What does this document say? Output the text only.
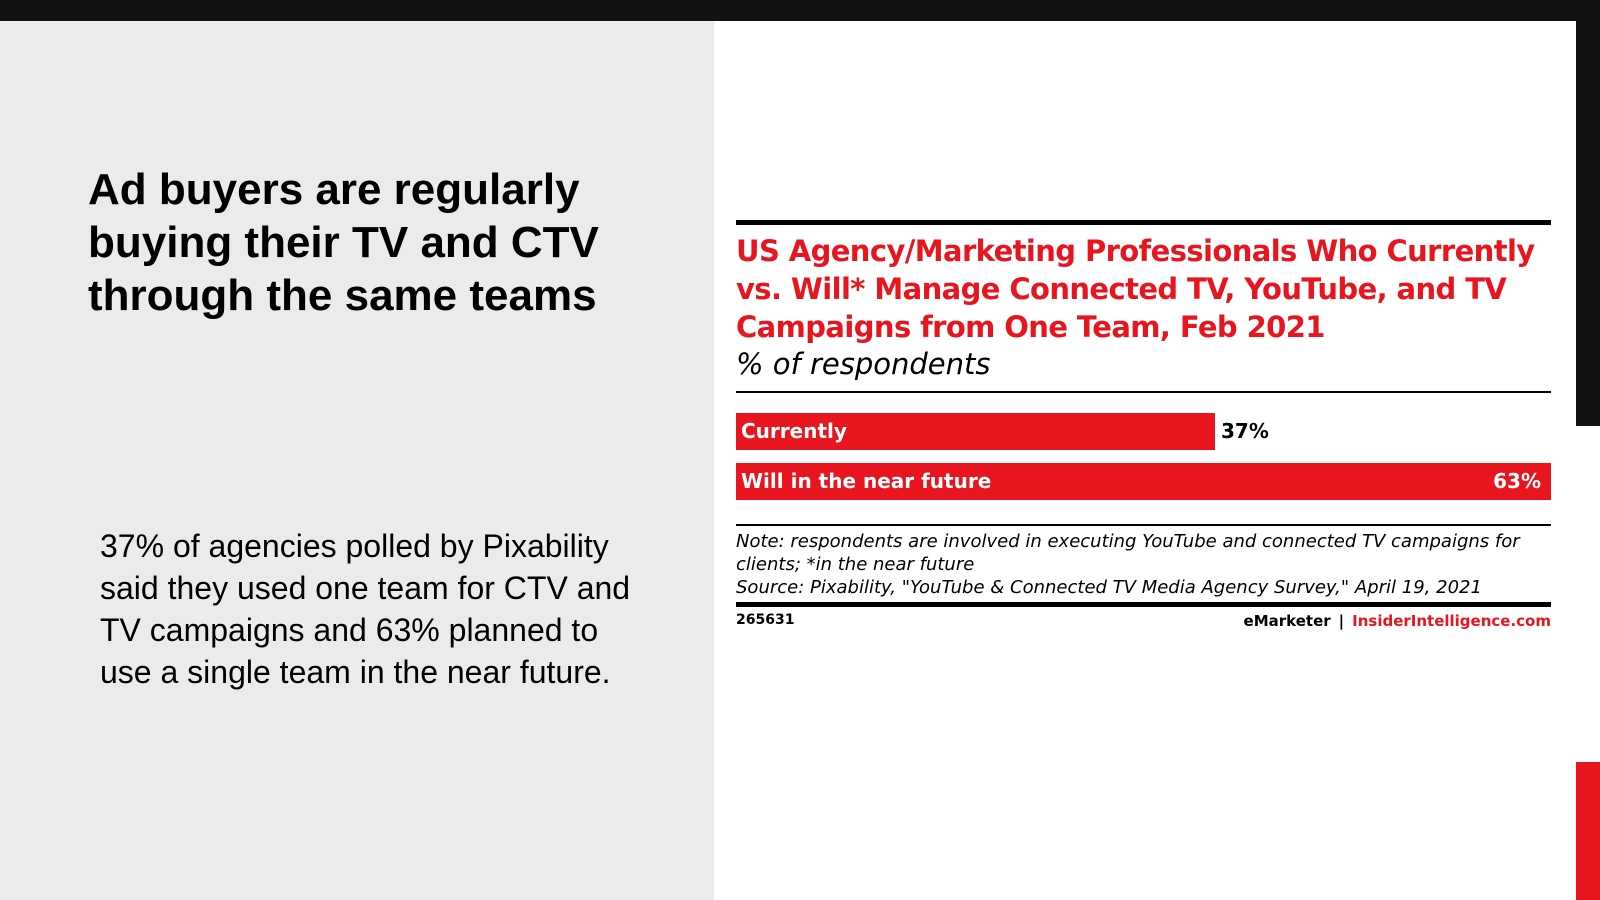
Ad buyers are regularly buying their TV and CTV through the same teams

37% of agencies polled by Pixability said they used one team for CTV and TV campaigns and 63% planned to use a single team in the near future.

US Agency/Marketing Professionals Who Currently vs. Will* Manage Connected TV, YouTube, and TV Campaigns from One Team, Feb 2021
% of respondents
Currently	37%
Will in the near future	63%
Note: respondents are involved in executing YouTube and connected TV campaigns for clients; *in the near future
Source: Pixability, "YouTube & Connected TV Media Agency Survey," April 19, 2021
265631	eMarketer | InsiderIntelligence.com
